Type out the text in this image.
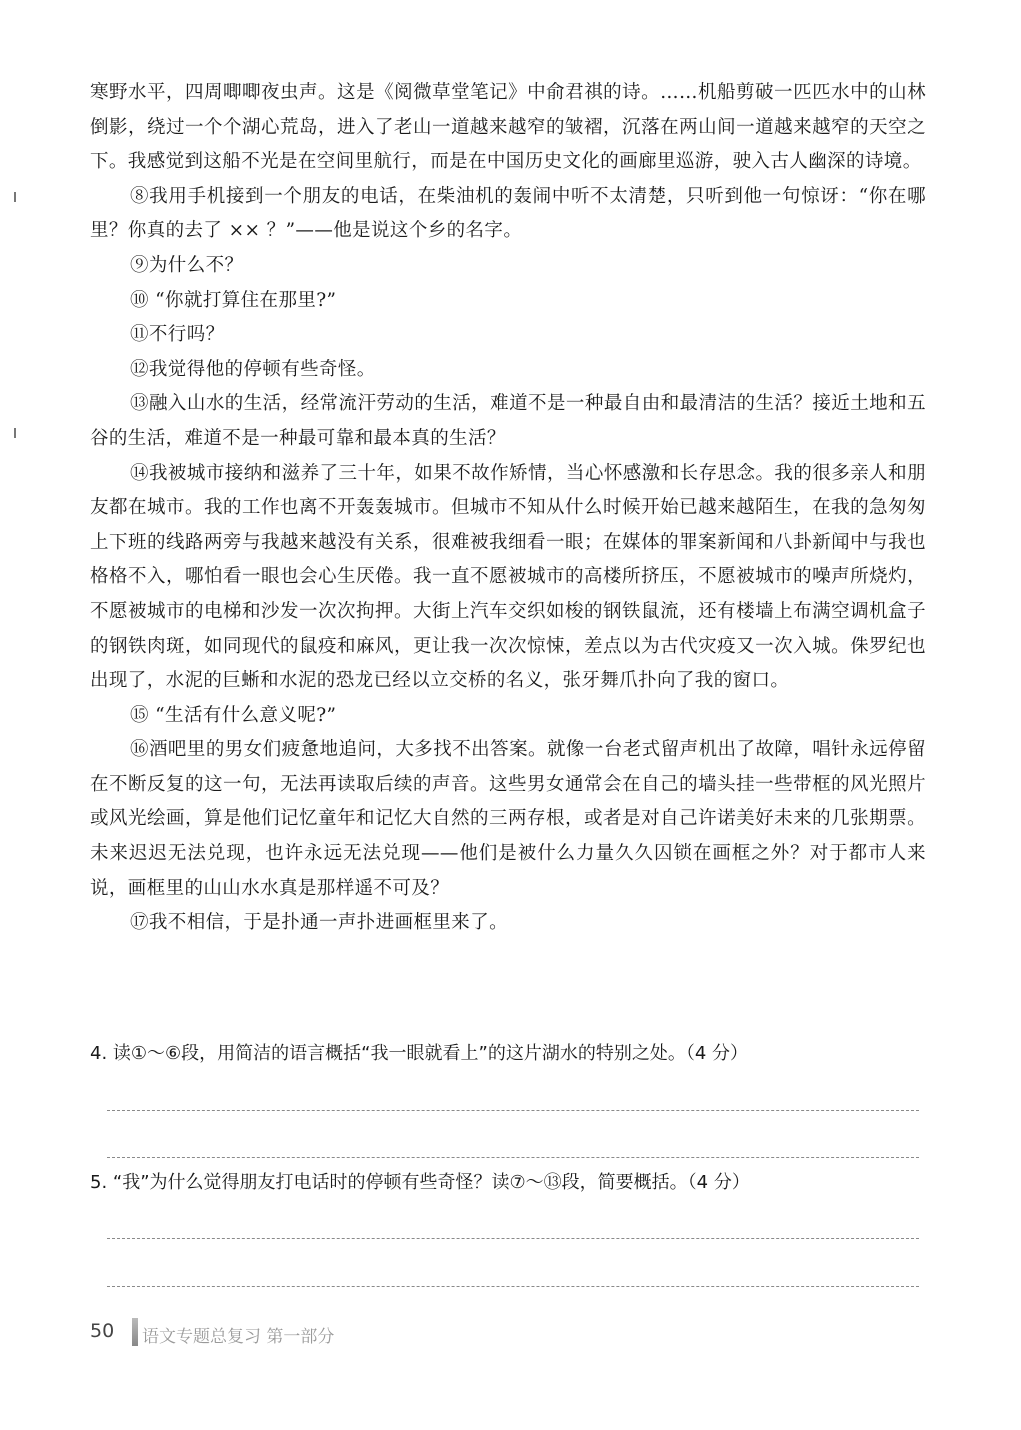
寒野水平，四周唧唧夜虫声。这是《阅微草堂笔记》中俞君祺的诗。……机船剪破一匹匹水中的山林倒影，绕过一个个湖心荒岛，进入了老山一道越来越窄的皱褶，沉落在两山间一道越来越窄的天空之下。我感觉到这船不光是在空间里航行，而是在中国历史文化的画廊里巡游，驶入古人幽深的诗境。

⑧我用手机接到一个朋友的电话，在柴油机的轰闹中听不太清楚，只听到他一句惊讶：“你在哪里？你真的去了 ×× ？”——他是说这个乡的名字。

⑨为什么不？

⑩ “你就打算住在那里?”

⑪不行吗？

⑫我觉得他的停顿有些奇怪。

⑬融入山水的生活，经常流汗劳动的生活，难道不是一种最自由和最清洁的生活？接近土地和五谷的生活，难道不是一种最可靠和最本真的生活？

⑭我被城市接纳和滋养了三十年，如果不故作矫情，当心怀感激和长存思念。我的很多亲人和朋友都在城市。我的工作也离不开轰轰城市。但城市不知从什么时候开始已越来越陌生，在我的急匆匆上下班的线路两旁与我越来越没有关系，很难被我细看一眼；在媒体的罪案新闻和八卦新闻中与我也格格不入，哪怕看一眼也会心生厌倦。我一直不愿被城市的高楼所挤压，不愿被城市的噪声所烧灼，不愿被城市的电梯和沙发一次次拘押。大街上汽车交织如梭的钢铁鼠流，还有楼墙上布满空调机盒子的钢铁肉斑，如同现代的鼠疫和麻风，更让我一次次惊悚，差点以为古代灾疫又一次入城。侏罗纪也出现了，水泥的巨蜥和水泥的恐龙已经以立交桥的名义，张牙舞爪扑向了我的窗口。

⑮ “生活有什么意义呢?”

⑯酒吧里的男女们疲惫地追问，大多找不出答案。就像一台老式留声机出了故障，唱针永远停留在不断反复的这一句，无法再读取后续的声音。这些男女通常会在自己的墙头挂一些带框的风光照片或风光绘画，算是他们记忆童年和记忆大自然的三两存根，或者是对自己许诺美好未来的几张期票。未来迟迟无法兑现，也许永远无法兑现——他们是被什么力量久久囚锁在画框之外？对于都市人来说，画框里的山山水水真是那样遥不可及？

⑰我不相信，于是扑通一声扑进画框里来了。

4. 读①～⑥段，用简洁的语言概括“我一眼就看上”的这片湖水的特别之处。（4 分）
5. “我”为什么觉得朋友打电话时的停顿有些奇怪？读⑦～⑬段，简要概括。（4 分）
50 语文专题总复习 第一部分
